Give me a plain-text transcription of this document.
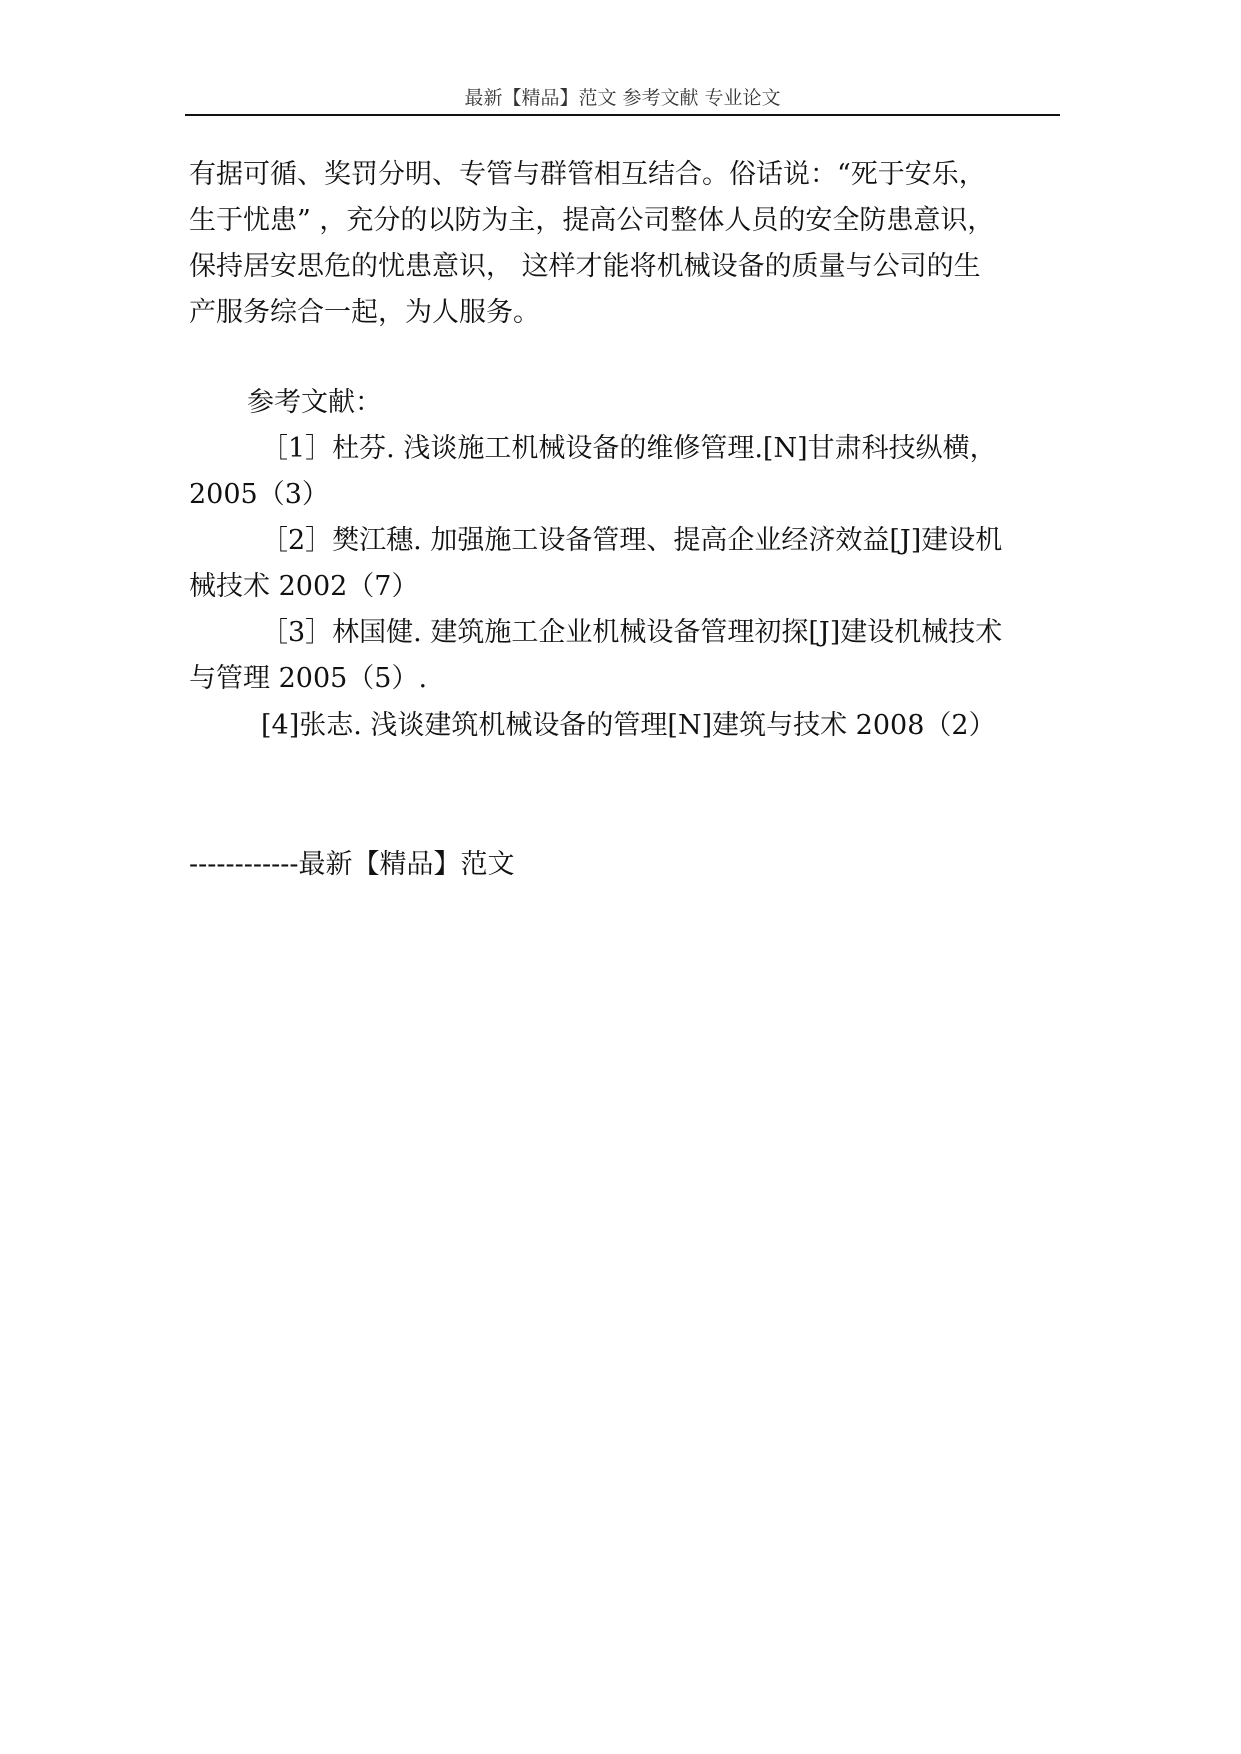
最新【精品】范文 参考文献 专业论文
有据可循、奖罚分明、专管与群管相互结合。俗话说：“死于安乐，
生于忧患” ，充分的以防为主，提高公司整体人员的安全防患意识，
保持居安思危的忧患意识， 这样才能将机械设备的质量与公司的生
产服务综合一起，为人服务。
参考文献：
［1］杜芬. 浅谈施工机械设备的维修管理.[N]甘肃科技纵横，
2005（3）
［2］樊江穗. 加强施工设备管理、提高企业经济效益[J]建设机
械技术 2002（7）
［3］林国健. 建筑施工企业机械设备管理初探[J]建设机械技术
与管理 2005（5）.
[4]张志. 浅谈建筑机械设备的管理[N]建筑与技术 2008（2）
------------最新【精品】范文
